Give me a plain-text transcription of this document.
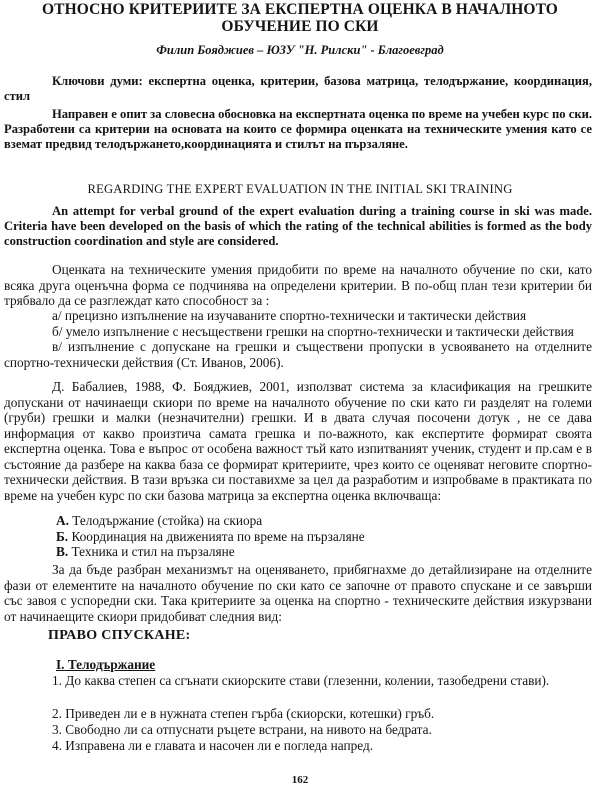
ОТНОСНО КРИТЕРИИТЕ ЗА ЕКСПЕРТНА ОЦЕНКА В НАЧАЛНОТО ОБУЧЕНИЕ ПО СКИ

Филип Бояджиев – ЮЗУ "Н. Рилски" - Благоевград

Ключови думи: експертна оценка, критерии, базова матрица, телодържание, координация, стил

Направен е опит за словесна обосновка на експертната оценка по време на учебен курс по ски. Разработени са критерии на основата на които се формира оценката на техническите умения като се вземат предвид телодържането,координацията и стилът на пързаляне.

REGARDING THE EXPERT EVALUATION IN THE INITIAL SKI TRAINING

An attempt for verbal ground of the expert evaluation during a training course in ski was made. Criteria have been developed on the basis of which the rating of the technical abilities is formed as the body construction coordination and style are considered.

Оценката на техническите умения придобити по време на началното обучение по ски, като всяка друга оценъчна форма се подчинява на определени критерии. В по-общ план тези критерии би трябвало да се разглеждат като способност за :

а/ прецизно изпълнение на изучаваните спортно-технически и тактически действия

б/ умело изпълнение с несъществени грешки на спортно-технически и тактически действия

в/ изпълнение с допускане на грешки и съществени пропуски в усвояването на отделните спортно-технически действия (Ст. Иванов, 2006).

Д. Бабалиев, 1988, Ф. Бояджиев, 2001, използват система за класификация на грешките допускани от начинаещи скиори по време на началното обучение по ски като ги разделят на големи (груби) грешки и малки (незначителни) грешки. И в двата случая посочени дотук , не се дава информация от какво произтича самата грешка и по-важното, как експертите формират своята експертна оценка. Това е въпрос от особена важност тъй като изпитваният ученик, студент и пр.сам е в състояние да разбере на каква база се формират критериите, чрез които се оценяват неговите спортно-технически действия. В тази връзка си поставихме за цел да разработим и изпробваме в практиката по време на учебен курс по ски базова матрица за експертна оценка включваща:

А. Телодържание (стойка) на скиора
Б. Координация на движенията по време на пързаляне
В. Техника и стил на пързаляне

За да бъде разбран механизмът на оценяването, прибягнахме до детайлизиране на отделните фази от елементите на началното обучение по ски като се започне от правото спускане и се завърши със завоя с успоредни ски. Така критериите за оценка на спортно - техническите действия изкурзвани от начинаещите скиори придобиват следния вид:

ПРАВО СПУСКАНЕ:
І. Телодържание

1. До каква степен са сгънати скиорските стави (глезенни, колении, тазобедрени стави).

2. Приведен ли е в нужната степен гърба (скиорски, котешки) гръб.

3. Свободно ли са отпуснати ръцете встрани, на нивото на бедрата.

4. Изправена ли е главата и насочен ли е погледа напред.

162
